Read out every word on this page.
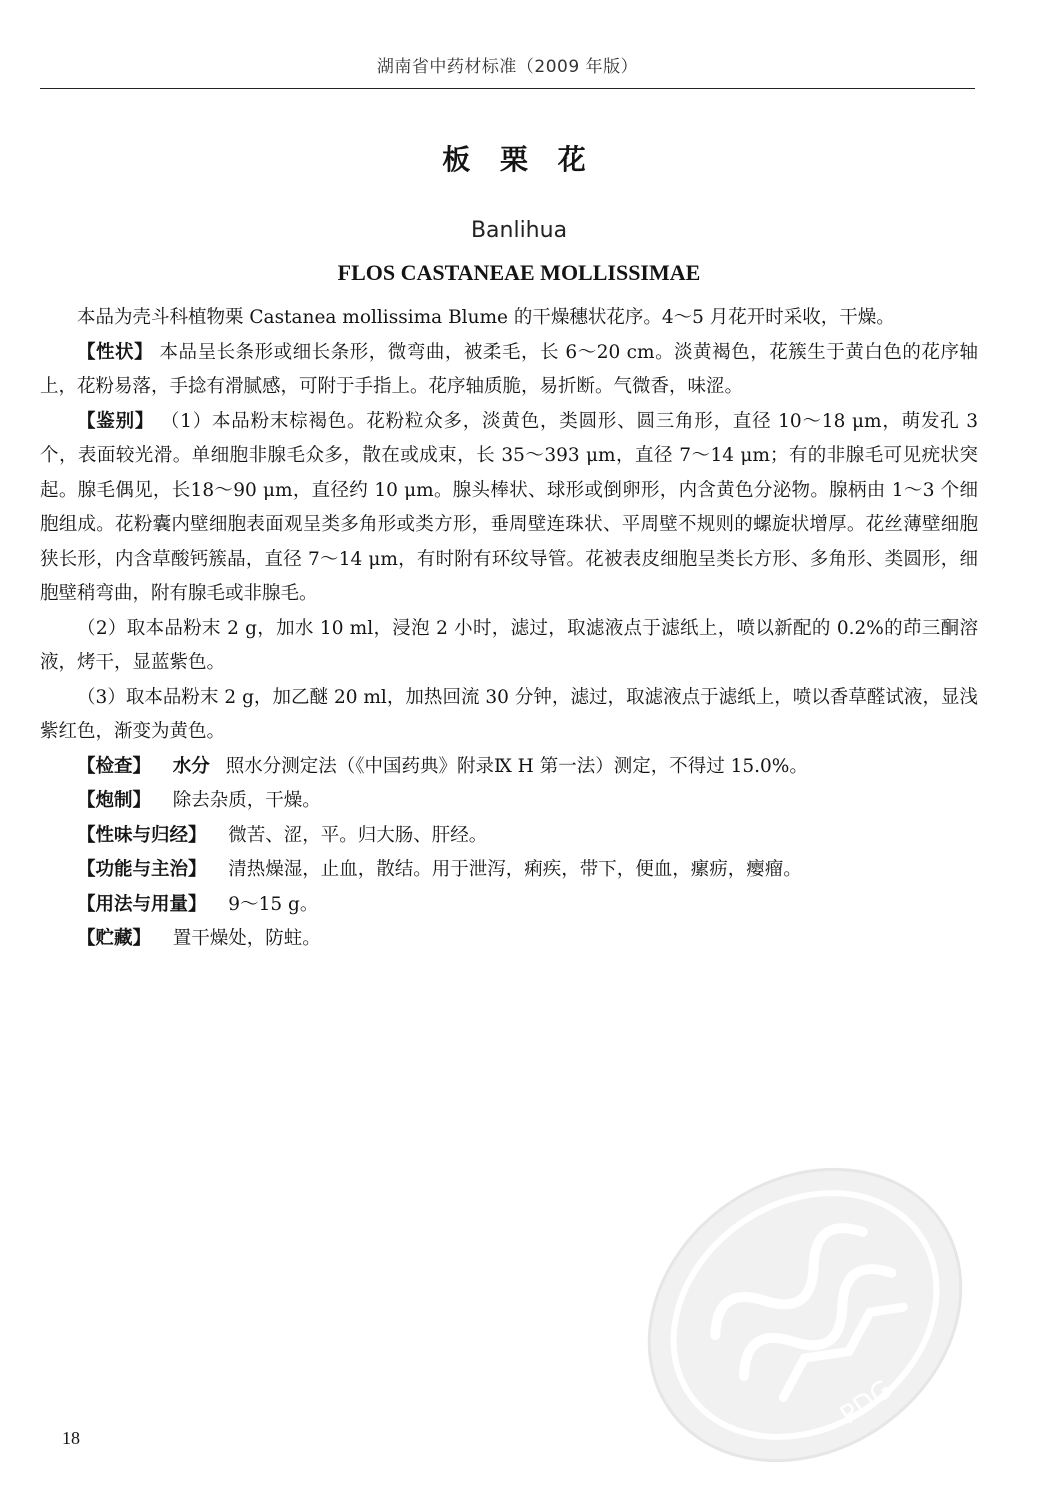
湖南省中药材标准（2009 年版）
板 栗 花
Banlihua
FLOS CASTANEAE MOLLISSIMAE

本品为壳斗科植物栗 Castanea mollissima Blume 的干燥穗状花序。4～5 月花开时采收，干燥。

【性状】 本品呈长条形或细长条形，微弯曲，被柔毛，长 6～20 cm。淡黄褐色，花簇生于黄白色的花序轴上，花粉易落，手捻有滑腻感，可附于手指上。花序轴质脆，易折断。气微香，味涩。

【鉴别】 （1）本品粉末棕褐色。花粉粒众多，淡黄色，类圆形、圆三角形，直径 10～18 μm，萌发孔 3 个，表面较光滑。单细胞非腺毛众多，散在或成束，长 35～393 μm，直径 7～14 μm；有的非腺毛可见疣状突起。腺毛偶见，长18～90 μm，直径约 10 μm。腺头棒状、球形或倒卵形，内含黄色分泌物。腺柄由 1～3 个细胞组成。花粉囊内壁细胞表面观呈类多角形或类方形，垂周壁连珠状、平周壁不规则的螺旋状增厚。花丝薄壁细胞狭长形，内含草酸钙簇晶，直径 7～14 μm，有时附有环纹导管。花被表皮细胞呈类长方形、多角形、类圆形，细胞壁稍弯曲，附有腺毛或非腺毛。

（2）取本品粉末 2 g，加水 10 ml，浸泡 2 小时，滤过，取滤液点于滤纸上，喷以新配的 0.2%的茚三酮溶液，烤干，显蓝紫色。

（3）取本品粉末 2 g，加乙醚 20 ml，加热回流 30 分钟，滤过，取滤液点于滤纸上，喷以香草醛试液，显浅紫红色，渐变为黄色。

【检查】 水分 照水分测定法（《中国药典》附录Ⅸ H 第一法）测定，不得过 15.0%。

【炮制】 除去杂质，干燥。

【性味与归经】 微苦、涩，平。归大肠、肝经。

【功能与主治】 清热燥湿，止血，散结。用于泄泻，痢疾，带下，便血，瘰疬，瘿瘤。

【用法与用量】 9～15 g。

【贮藏】 置干燥处，防蛀。

PDG
18
